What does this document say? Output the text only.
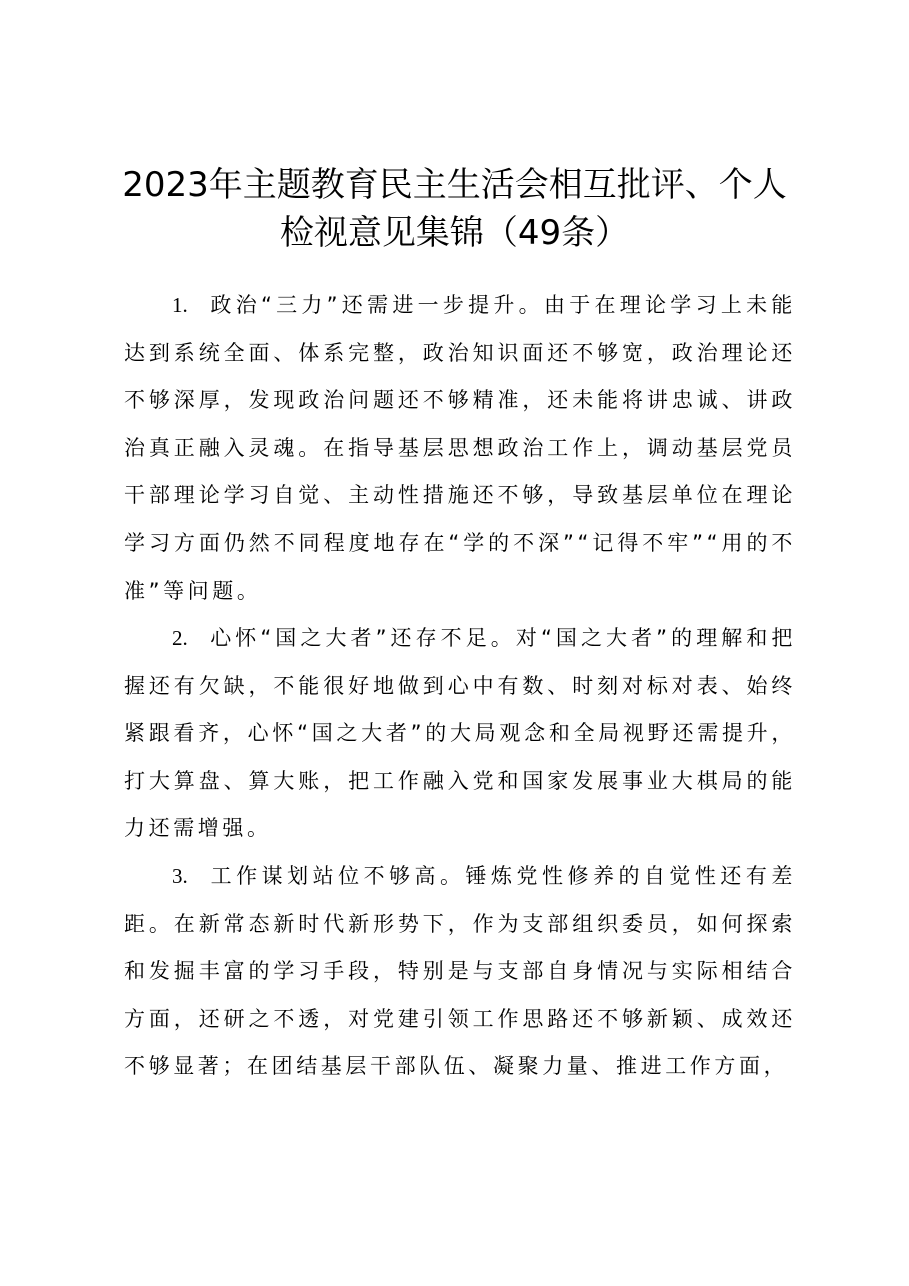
2023年主题教育民主生活会相互批评、个人
检视意见集锦（49条）

1. 政治“三力”还需进一步提升。由于在理论学习上未能达到系统全面、体系完整，政治知识面还不够宽，政治理论还不够深厚，发现政治问题还不够精准，还未能将讲忠诚、讲政治真正融入灵魂。在指导基层思想政治工作上，调动基层党员干部理论学习自觉、主动性措施还不够，导致基层单位在理论学习方面仍然不同程度地存在“学的不深”“记得不牢”“用的不准”等问题。

2. 心怀“国之大者”还存不足。对“国之大者”的理解和把握还有欠缺，不能很好地做到心中有数、时刻对标对表、始终紧跟看齐，心怀“国之大者”的大局观念和全局视野还需提升，打大算盘、算大账，把工作融入党和国家发展事业大棋局的能力还需增强。

3. 工作谋划站位不够高。锤炼党性修养的自觉性还有差距。在新常态新时代新形势下，作为支部组织委员，如何探索和发掘丰富的学习手段，特别是与支部自身情况与实际相结合方面，还研之不透，对党建引领工作思路还不够新颖、成效还不够显著；在团结基层干部队伍、凝聚力量、推进工作方面，
